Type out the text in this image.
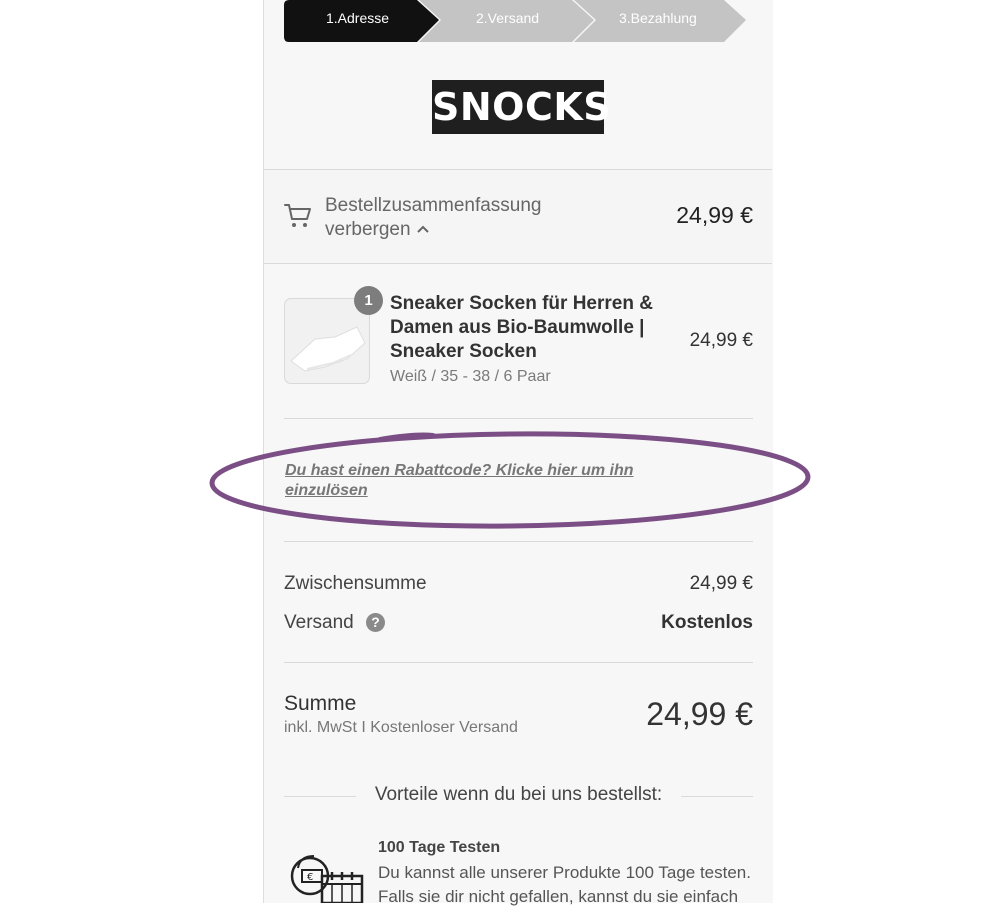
1.Adresse	2.Versand	3.Bezahlung
SNOCKS
Bestellzusammenfassung
verbergen
24,99 €
1 Sneaker Socken für Herren & Damen aus Bio-Baumwolle | Sneaker Socken
Weiß / 35 - 38 / 6 Paar
24,99 €
Du hast einen Rabattcode? Klicke hier um ihn einzulösen
Zwischensumme	24,99 €
Versand	?	Kostenlos
Summe
inkl. MwSt I Kostenloser Versand	24,99 €
Vorteile wenn du bei uns bestellst:
€
100 Tage Testen
Du kannst alle unserer Produkte 100 Tage testen. Falls sie dir nicht gefallen, kannst du sie einfach
